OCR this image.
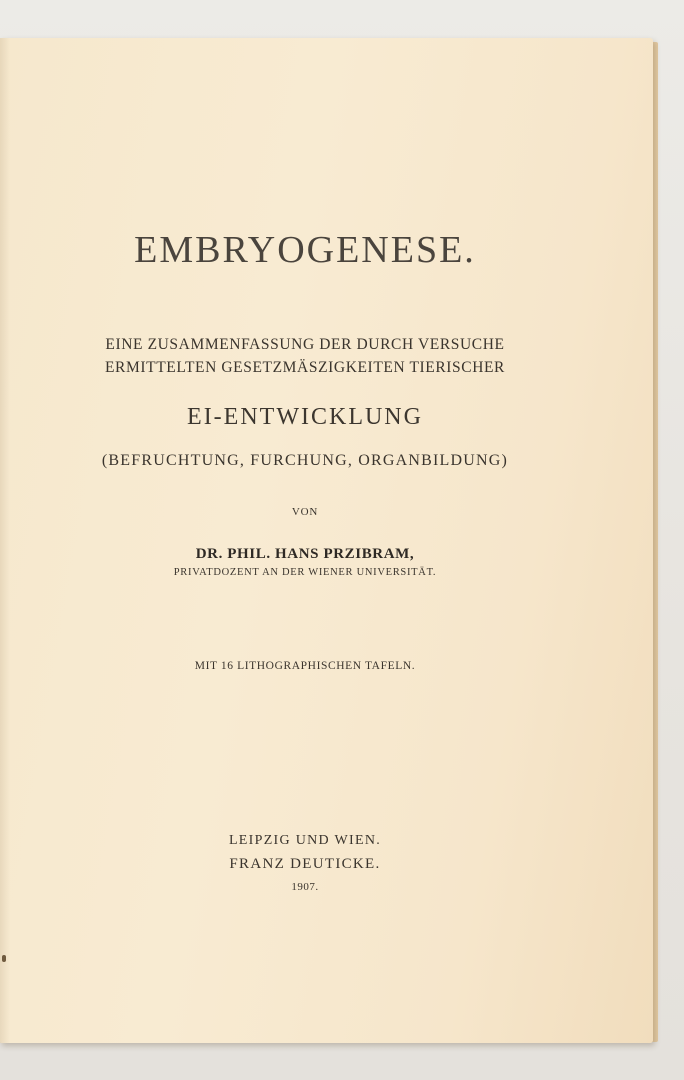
EMBRYOGENESE.
EINE ZUSAMMENFASSUNG DER DURCH VERSUCHE
ERMITTELTEN GESETZMÄSZIGKEITEN TIERISCHER
EI-ENTWICKLUNG
(BEFRUCHTUNG, FURCHUNG, ORGANBILDUNG)
VON
DR. PHIL. HANS PRZIBRAM,
PRIVATDOZENT AN DER WIENER UNIVERSITÄT.
MIT 16 LITHOGRAPHISCHEN TAFELN.
LEIPZIG UND WIEN.
FRANZ DEUTICKE.
1907.
